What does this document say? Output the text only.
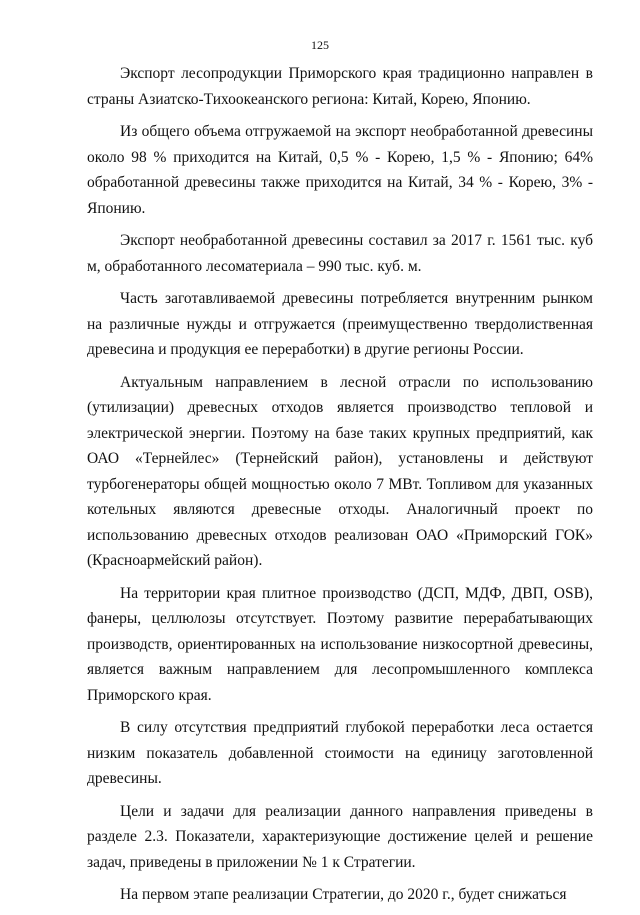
125

Экспорт лесопродукции Приморского края традиционно направлен в страны Азиатско-Тихоокеанского региона: Китай, Корею, Японию.

Из общего объема отгружаемой на экспорт необработанной древесины около 98 % приходится на Китай, 0,5 % - Корею, 1,5 % - Японию; 64% обработанной древесины также приходится на Китай, 34 % - Корею, 3% - Японию.

Экспорт необработанной древесины составил за 2017 г. 1561 тыс. куб м, обработанного лесоматериала – 990 тыс. куб. м.

Часть заготавливаемой древесины потребляется внутренним рынком на различные нужды и отгружается (преимущественно твердолиственная древесина и продукция ее переработки) в другие регионы России.

Актуальным направлением в лесной отрасли по использованию (утилизации) древесных отходов является производство тепловой и электрической энергии. Поэтому на базе таких крупных предприятий, как ОАО «Тернейлес» (Тернейский район), установлены и действуют турбогенераторы общей мощностью около 7 МВт. Топливом для указанных котельных являются древесные отходы. Аналогичный проект по использованию древесных отходов реализован ОАО «Приморский ГОК» (Красноармейский район).

На территории края плитное производство (ДСП, МДФ, ДВП, OSB), фанеры, целлюлозы отсутствует. Поэтому развитие перерабатывающих производств, ориентированных на использование низкосортной древесины, является важным направлением для лесопромышленного комплекса Приморского края.

В силу отсутствия предприятий глубокой переработки леса остается низким показатель добавленной стоимости на единицу заготовленной древесины.

Цели и задачи для реализации данного направления приведены в разделе 2.3. Показатели, характеризующие достижение целей и решение задач, приведены в приложении № 1 к Стратегии.

На первом этапе реализации Стратегии, до 2020 г., будет снижаться
